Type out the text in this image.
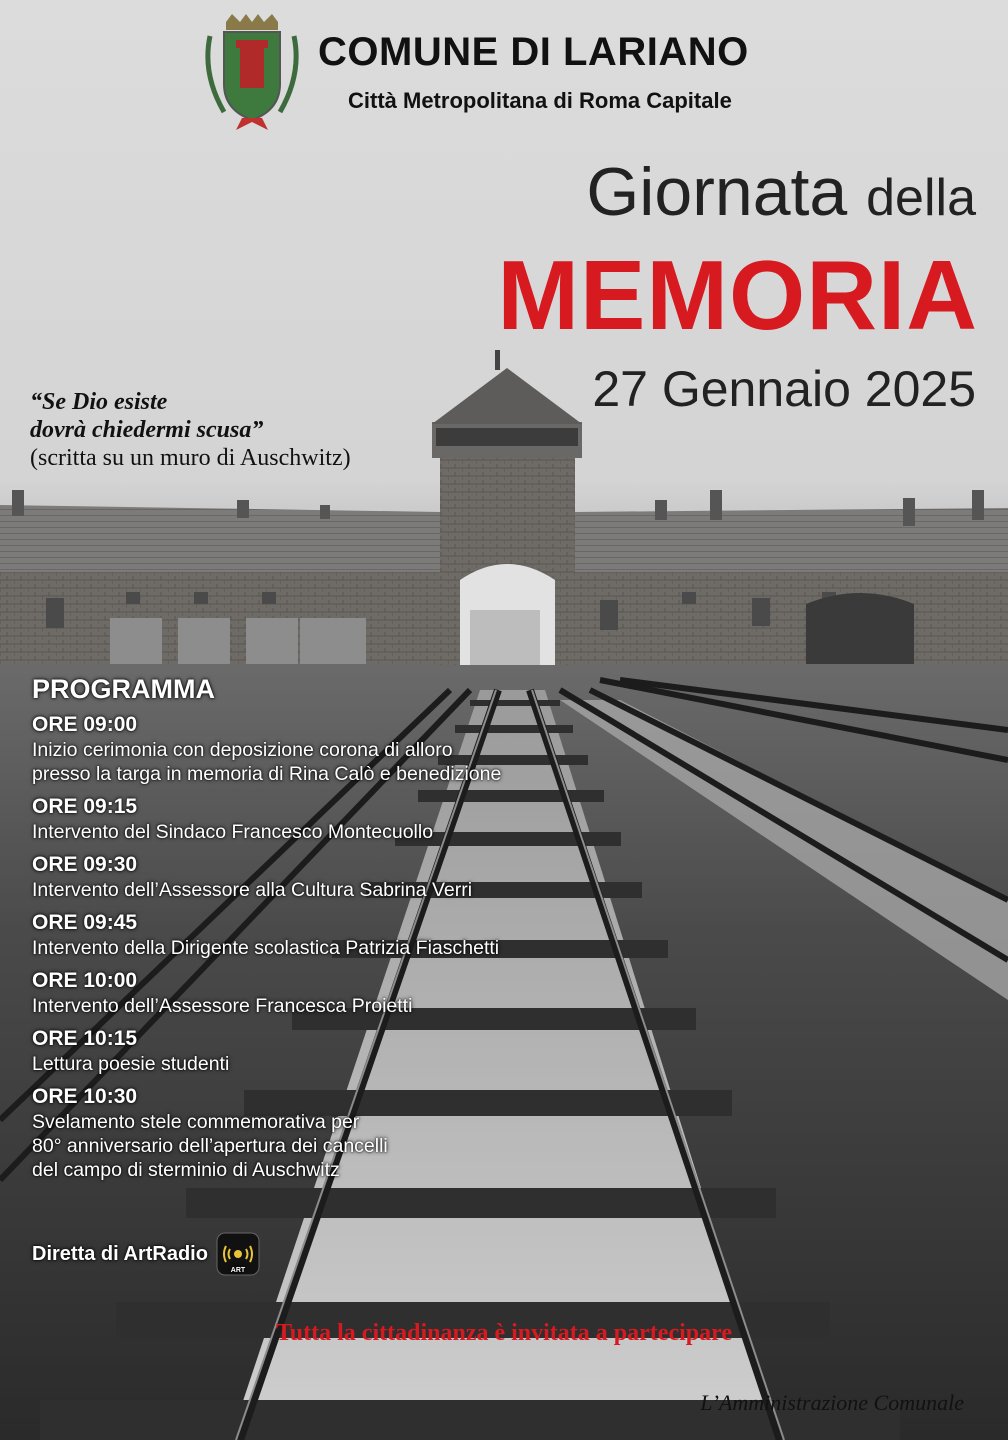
COMUNE DI LARIANO
Città Metropolitana di Roma Capitale
Giornata della
MEMORIA
27 Gennaio 2025
“Se Dio esiste
dovrà chiedermi scusa”
(scritta su un muro di Auschwitz)
PROGRAMMA
ORE 09:00
Inizio cerimonia con deposizione corona di alloro
presso la targa in memoria di Rina Calò e benedizione
ORE 09:15
Intervento del Sindaco Francesco Montecuollo
ORE 09:30
Intervento dell’Assessore alla Cultura Sabrina Verri
ORE 09:45
Intervento della Dirigente scolastica Patrizia Fiaschetti
ORE 10:00
Intervento dell’Assessore Francesca Proietti
ORE 10:15
Lettura poesie studenti
ORE 10:30
Svelamento stele commemorativa per
80° anniversario dell’apertura dei cancelli
del campo di sterminio di Auschwitz
Diretta di ArtRadio
ART
Tutta la cittadinanza è invitata a partecipare
L’Amministrazione Comunale
